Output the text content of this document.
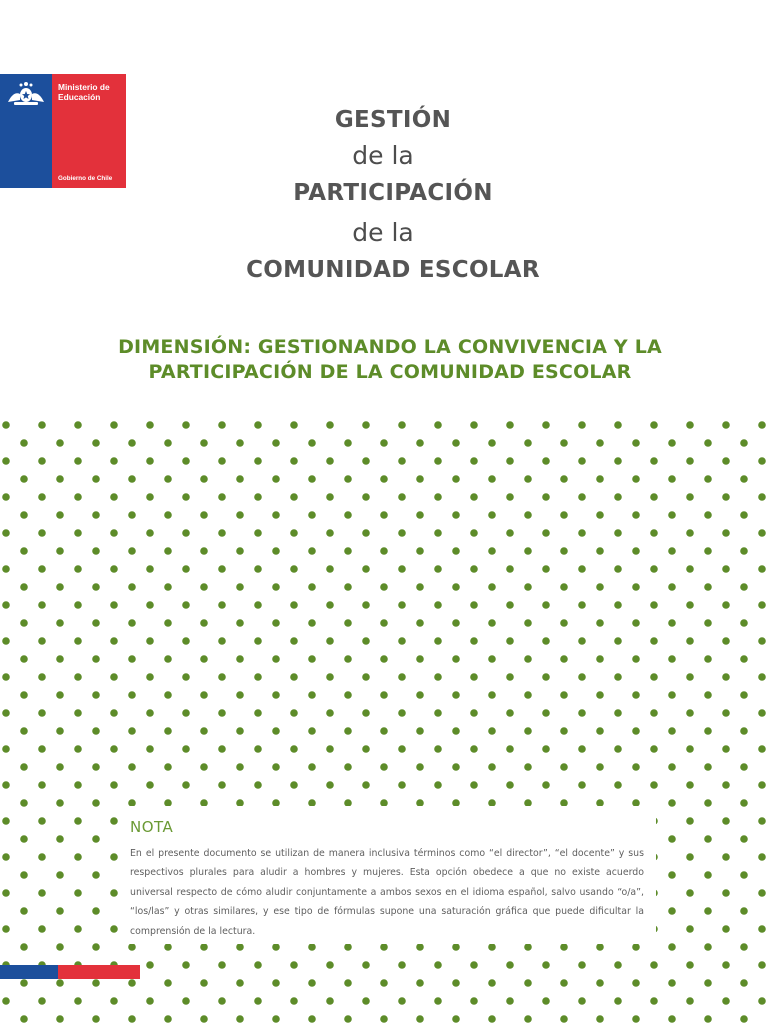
Ministerio de Educación
Gobierno de Chile
GESTIÓN
de la
PARTICIPACIÓN
de la
COMUNIDAD ESCOLAR
DIMENSIÓN: GESTIONANDO LA CONVIVENCIA Y LA
PARTICIPACIÓN DE LA COMUNIDAD ESCOLAR
NOTA
En el presente documento se utilizan de manera inclusiva términos como “el director”, “el docente” y sus respectivos plurales para aludir a hombres y mujeres. Esta opción obedece a que no existe acuerdo universal respecto de cómo aludir conjuntamente a ambos sexos en el idioma español, salvo usando “o/a”, “los/las” y otras similares, y ese tipo de fórmulas supone una saturación gráfica que puede dificultar la comprensión de la lectura.
